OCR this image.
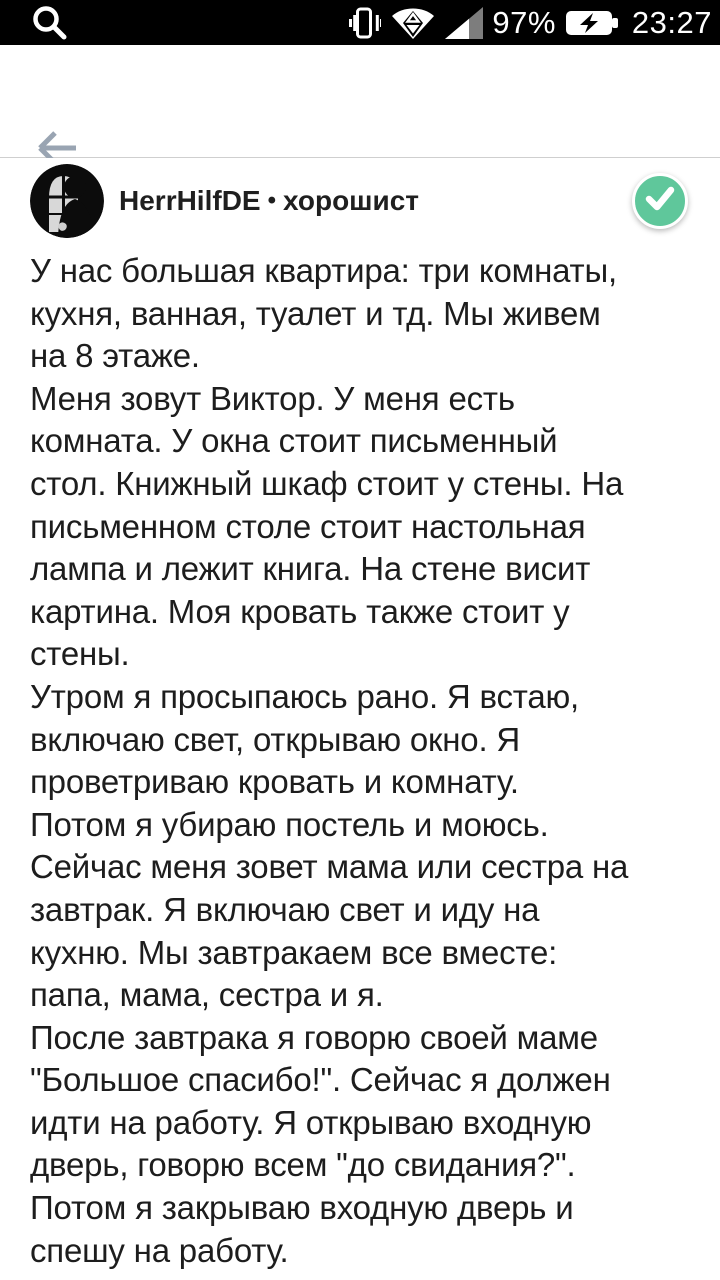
97% 23:27
HerrHilfDE • хорошист
У нас большая квартира: три комнаты,
кухня, ванная, туалет и тд. Мы живем
на 8 этаже.
Меня зовут Виктор. У меня есть
комната. У окна стоит письменный
стол. Книжный шкаф стоит у стены. На
письменном столе стоит настольная
лампа и лежит книга. На стене висит
картина. Моя кровать также стоит у
стены.
Утром я просыпаюсь рано. Я встаю,
включаю свет, открываю окно. Я
проветриваю кровать и комнату.
Потом я убираю постель и моюсь.
Сейчас меня зовет мама или сестра на
завтрак. Я включаю свет и иду на
кухню. Мы завтракаем все вместе:
папа, мама, сестра и я.
После завтрака я говорю своей маме
"Большое спасибо!". Сейчас я должен
идти на работу. Я открываю входную
дверь, говорю всем "до свидания?".
Потом я закрываю входную дверь и
спешу на работу.
